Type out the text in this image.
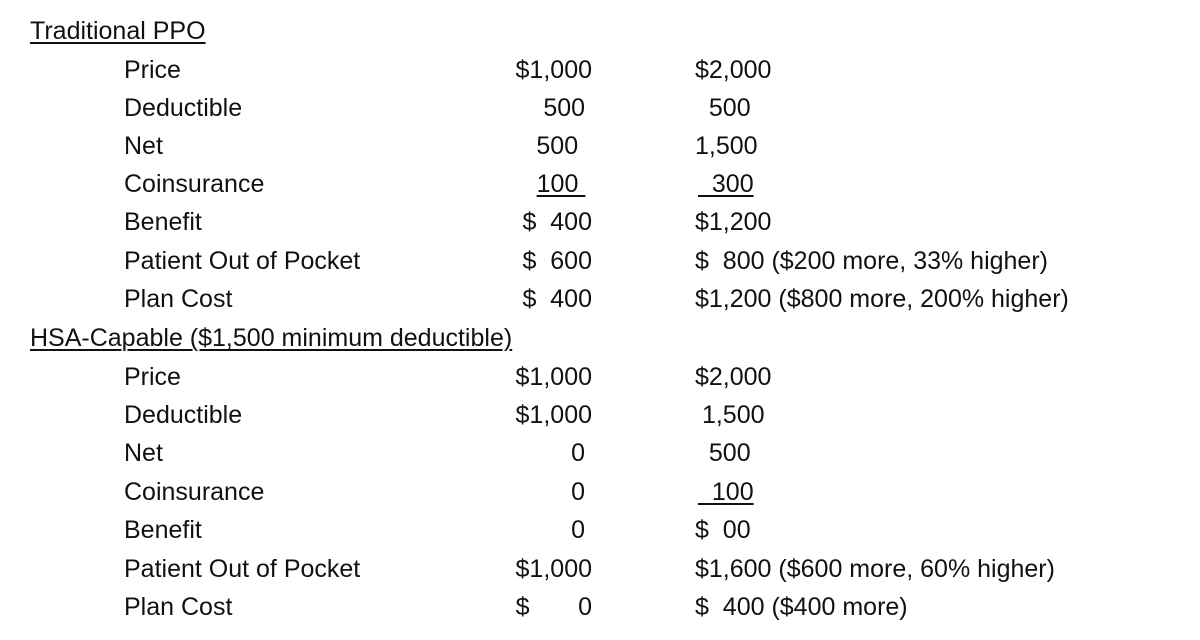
Traditional PPO
Price	$1,000	$2,000
Deductible	500	500
Net	500	1,500
Coinsurance	100	300
Benefit	$  400	$1,200
Patient Out of Pocket	$  600	$  800 ($200 more, 33% higher)
Plan Cost	$  400	$1,200 ($800 more, 200% higher)
HSA-Capable ($1,500 minimum deductible)
Price	$1,000	$2,000
Deductible	$1,000	1,500
Net	0	500
Coinsurance	0	100
Benefit	0	$  00
Patient Out of Pocket	$1,000	$1,600 ($600 more, 60% higher)
Plan Cost	$       0	$  400 ($400 more)
